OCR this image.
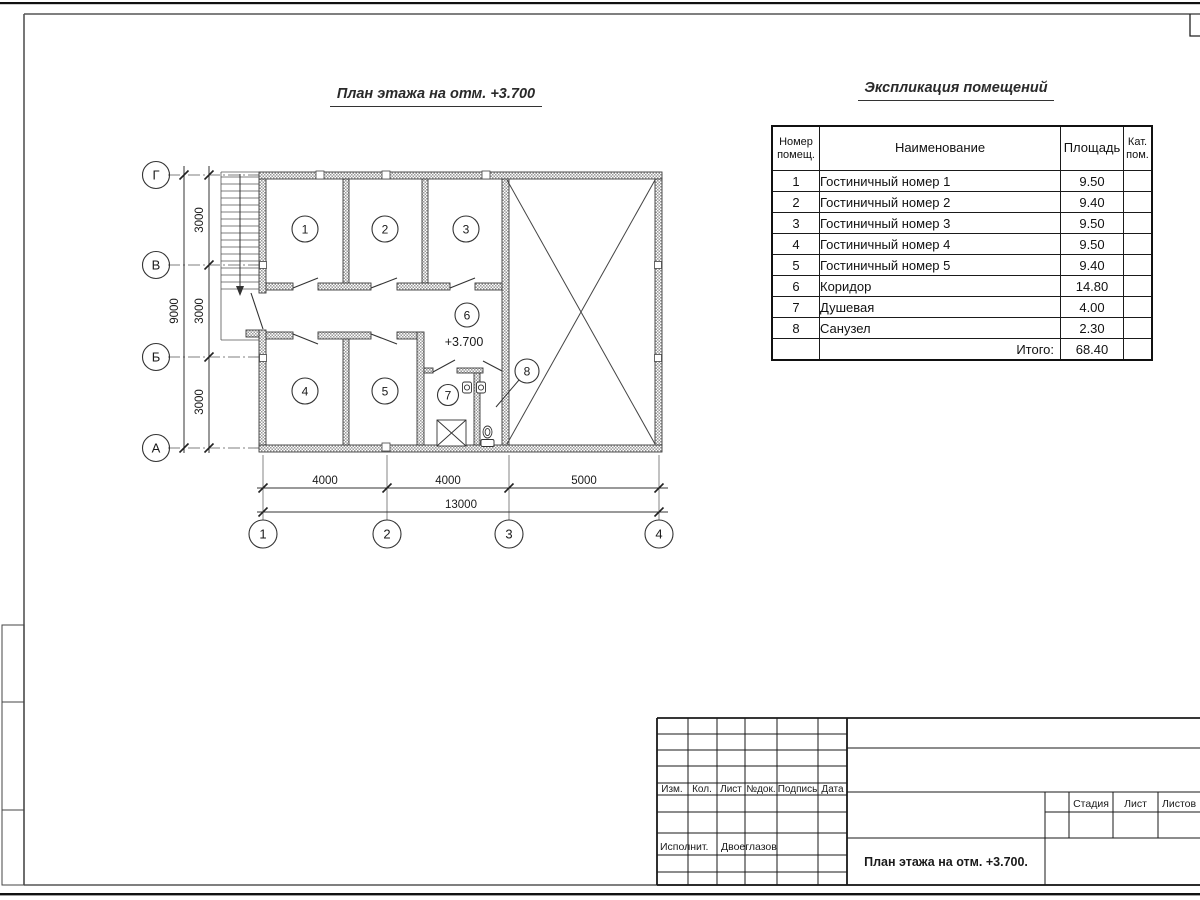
План этажа на отм. +3.700	Экспликация помещений
1	2	3
4	5
6
7
8
+3.700
Г
В
Б
А
1	2	3	4
3000
3000
3000
9000
4000	4000	5000
13000
Изм. Кол. Лист №док. Подпись Дата
Исполнит. Двоеглазов
План этажа на отм. +3.700.
Стадия Лист Листов
Номер помещ.	Наименование	Площадь	Кат. пом.
1	Гостиничный номер 1	9.50	
2	Гостиничный номер 2	9.40	
3	Гостиничный номер 3	9.50	
4	Гостиничный номер 4	9.50	
5	Гостиничный номер 5	9.40	
6	Коридор	14.80	
7	Душевая	4.00	
8	Санузел	2.30	
	Итого:	68.40	
